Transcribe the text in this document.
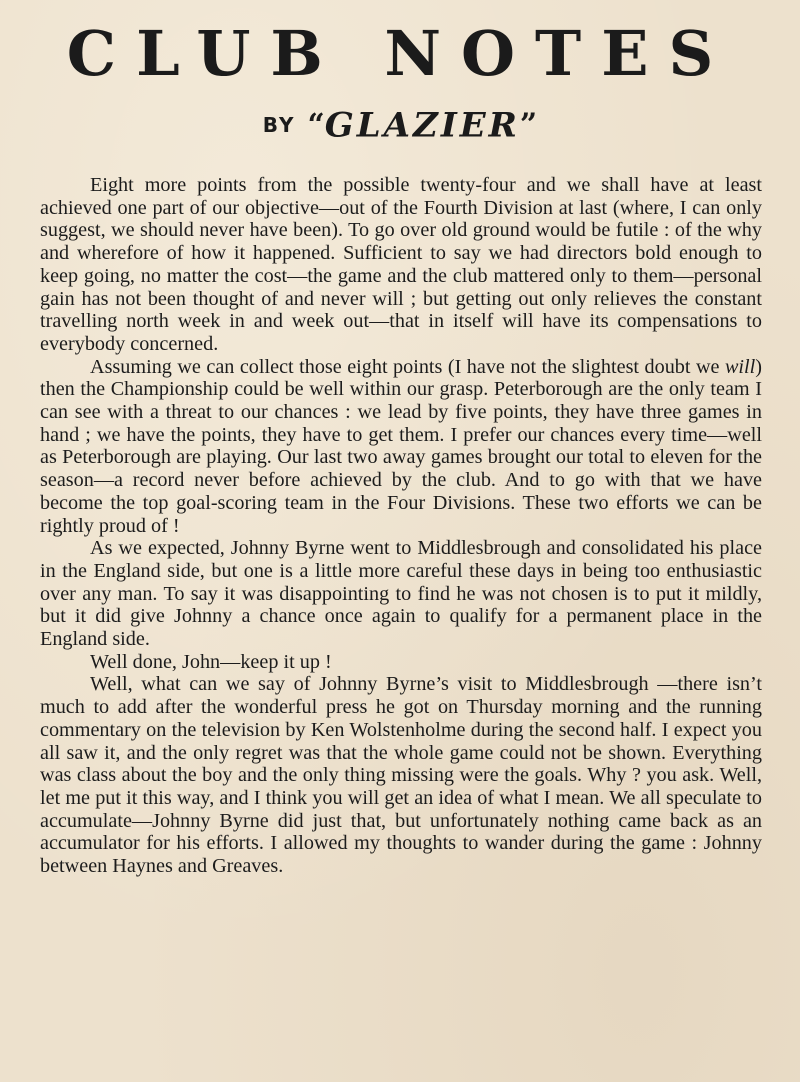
CLUB NOTES
BY “GLAZIER”

Eight more points from the possible twenty-four and we shall have at least achieved one part of our objective—out of the Fourth Division at last (where, I can only suggest, we should never have been). To go over old ground would be futile : of the why and wherefore of how it happened. Sufficient to say we had directors bold enough to keep going, no matter the cost—the game and the club mattered only to them—personal gain has not been thought of and never will ; but getting out only relieves the constant travelling north week in and week out—that in itself will have its compensations to everybody concerned.

Assuming we can collect those eight points (I have not the slightest doubt we will) then the Championship could be well within our grasp. Peterborough are the only team I can see with a threat to our chances : we lead by five points, they have three games in hand ; we have the points, they have to get them. I prefer our chances every time—well as Peterborough are playing. Our last two away games brought our total to eleven for the season—a record never before achieved by the club. And to go with that we have become the top goal-scoring team in the Four Divisions. These two efforts we can be rightly proud of !

As we expected, Johnny Byrne went to Middlesbrough and consolidated his place in the England side, but one is a little more careful these days in being too enthusiastic over any man. To say it was disappointing to find he was not chosen is to put it mildly, but it did give Johnny a chance once again to qualify for a permanent place in the England side.

Well done, John—keep it up !

Well, what can we say of Johnny Byrne’s visit to Middlesbrough —there isn’t much to add after the wonderful press he got on Thursday morning and the running commentary on the television by Ken Wolstenholme during the second half. I expect you all saw it, and the only regret was that the whole game could not be shown. Everything was class about the boy and the only thing missing were the goals. Why ? you ask. Well, let me put it this way, and I think you will get an idea of what I mean. We all speculate to accumulate—Johnny Byrne did just that, but unfortunately nothing came back as an accumulator for his efforts. I allowed my thoughts to wander during the game : Johnny between Haynes and Greaves.
